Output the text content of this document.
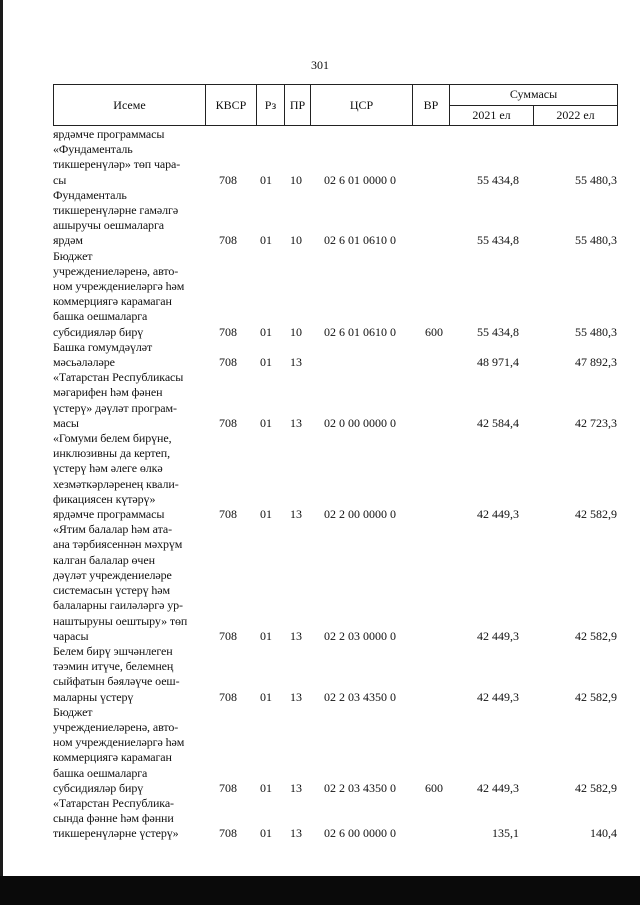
301
Исеме	КВСР	Рз	ПР	ЦСР	ВР	Суммасы	
						2021 ел	2022 ел
ярдәмче программасы
«Фундаменталь
тикшеренүләр» төп чара-
сы	708 01 10	02 6 01 0000 0	55 434,8	55 480,3
Фундаменталь
тикшеренүләрне гамәлгә
ашыручы оешмаларга
ярдәм	708 01 10	02 6 01 0610 0	55 434,8	55 480,3
Бюджет
учреждениеләренә, авто-
ном учреждениеләргә һәм
коммерциягә карамаган
башка оешмаларга
субсидияләр бирү	708 01 10	02 6 01 0610 0	600	55 434,8	55 480,3
Башка гомумдәүләт
мәсьәләләре	708 01 13	48 971,4	47 892,3
«Татарстан Республикасы
мәгарифен һәм фәнен
үстерү» дәүләт програм-
масы	708 01 13	02 0 00 0000 0	42 584,4	42 723,3
«Гомуми белем бирүне,
инклюзивны да кертеп,
үстерү һәм әлеге өлкә
хезмәткәрләренең квали-
фикациясен күтәрү»
ярдәмче программасы	708 01 13	02 2 00 0000 0	42 449,3	42 582,9
«Ятим балалар һәм ата-
ана тәрбиясеннән мәхрүм
калган балалар өчен
дәүләт учреждениеләре
системасын үстерү һәм
балаларны гаиләләргә ур-
наштыруны оештыру» төп
чарасы	708 01 13	02 2 03 0000 0	42 449,3	42 582,9
Белем бирү эшчәнлеген
тәэмин итүче, белемнең
сыйфатын бәяләүче оеш-
маларны үстерү	708 01 13	02 2 03 4350 0	42 449,3	42 582,9
Бюджет
учреждениеләренә, авто-
ном учреждениеләргә һәм
коммерциягә карамаган
башка оешмаларга
субсидияләр бирү	708 01 13	02 2 03 4350 0	600	42 449,3	42 582,9
«Татарстан Республика-
сында фәнне һәм фәнни
тикшеренүләрне үстерү»	708 01 13	02 6 00 0000 0	135,1	140,4
